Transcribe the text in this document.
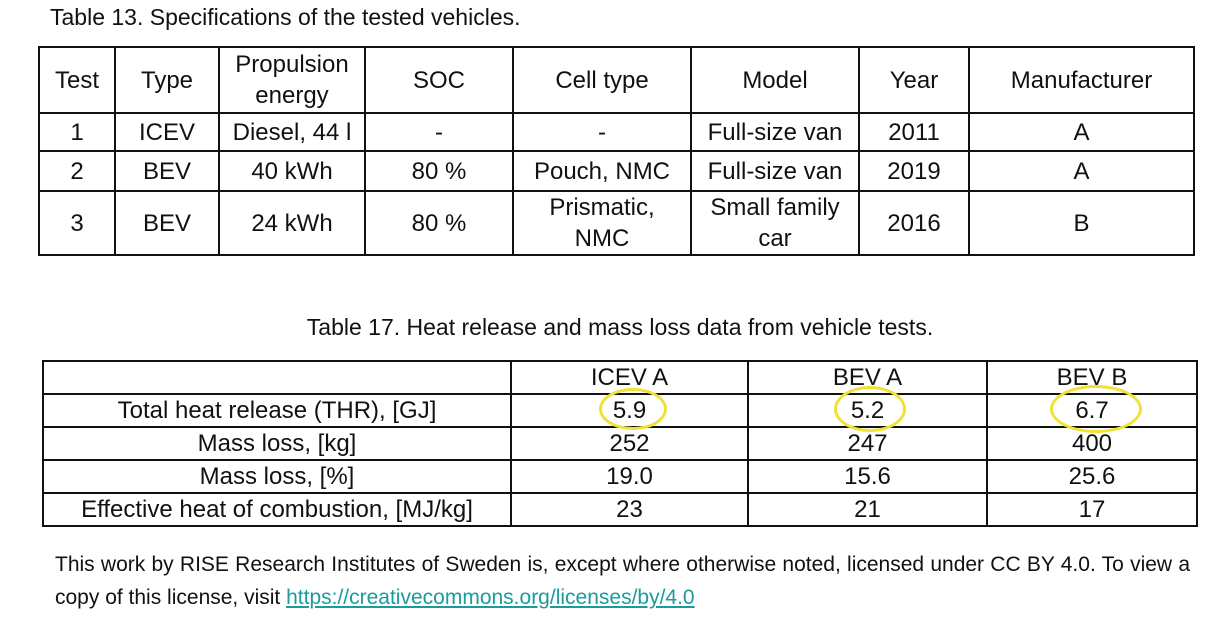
Table 13. Specifications of the tested vehicles.
Test	Type	Propulsion energy	SOC	Cell type	Model	Year	Manufacturer
1	ICEV	Diesel, 44 l	-	-	Full-size van	2011	A
2	BEV	40 kWh	80 %	Pouch, NMC	Full-size van	2019	A
3	BEV	24 kWh	80 %	Prismatic, NMC	Small family car	2016	B
Table 17. Heat release and mass loss data from vehicle tests.
	ICEV A	BEV A	BEV B
Total heat release (THR), [GJ]	5.9	5.2	6.7

Mass loss, [kg]	252	247	400
Mass loss, [%]	19.0	15.6	25.6
Effective heat of combustion, [MJ/kg]	23	21	17
This work by RISE Research Institutes of Sweden is, except where otherwise noted, licensed under CC BY 4.0. To view a copy of this license, visit https://creativecommons.org/licenses/by/4.0
